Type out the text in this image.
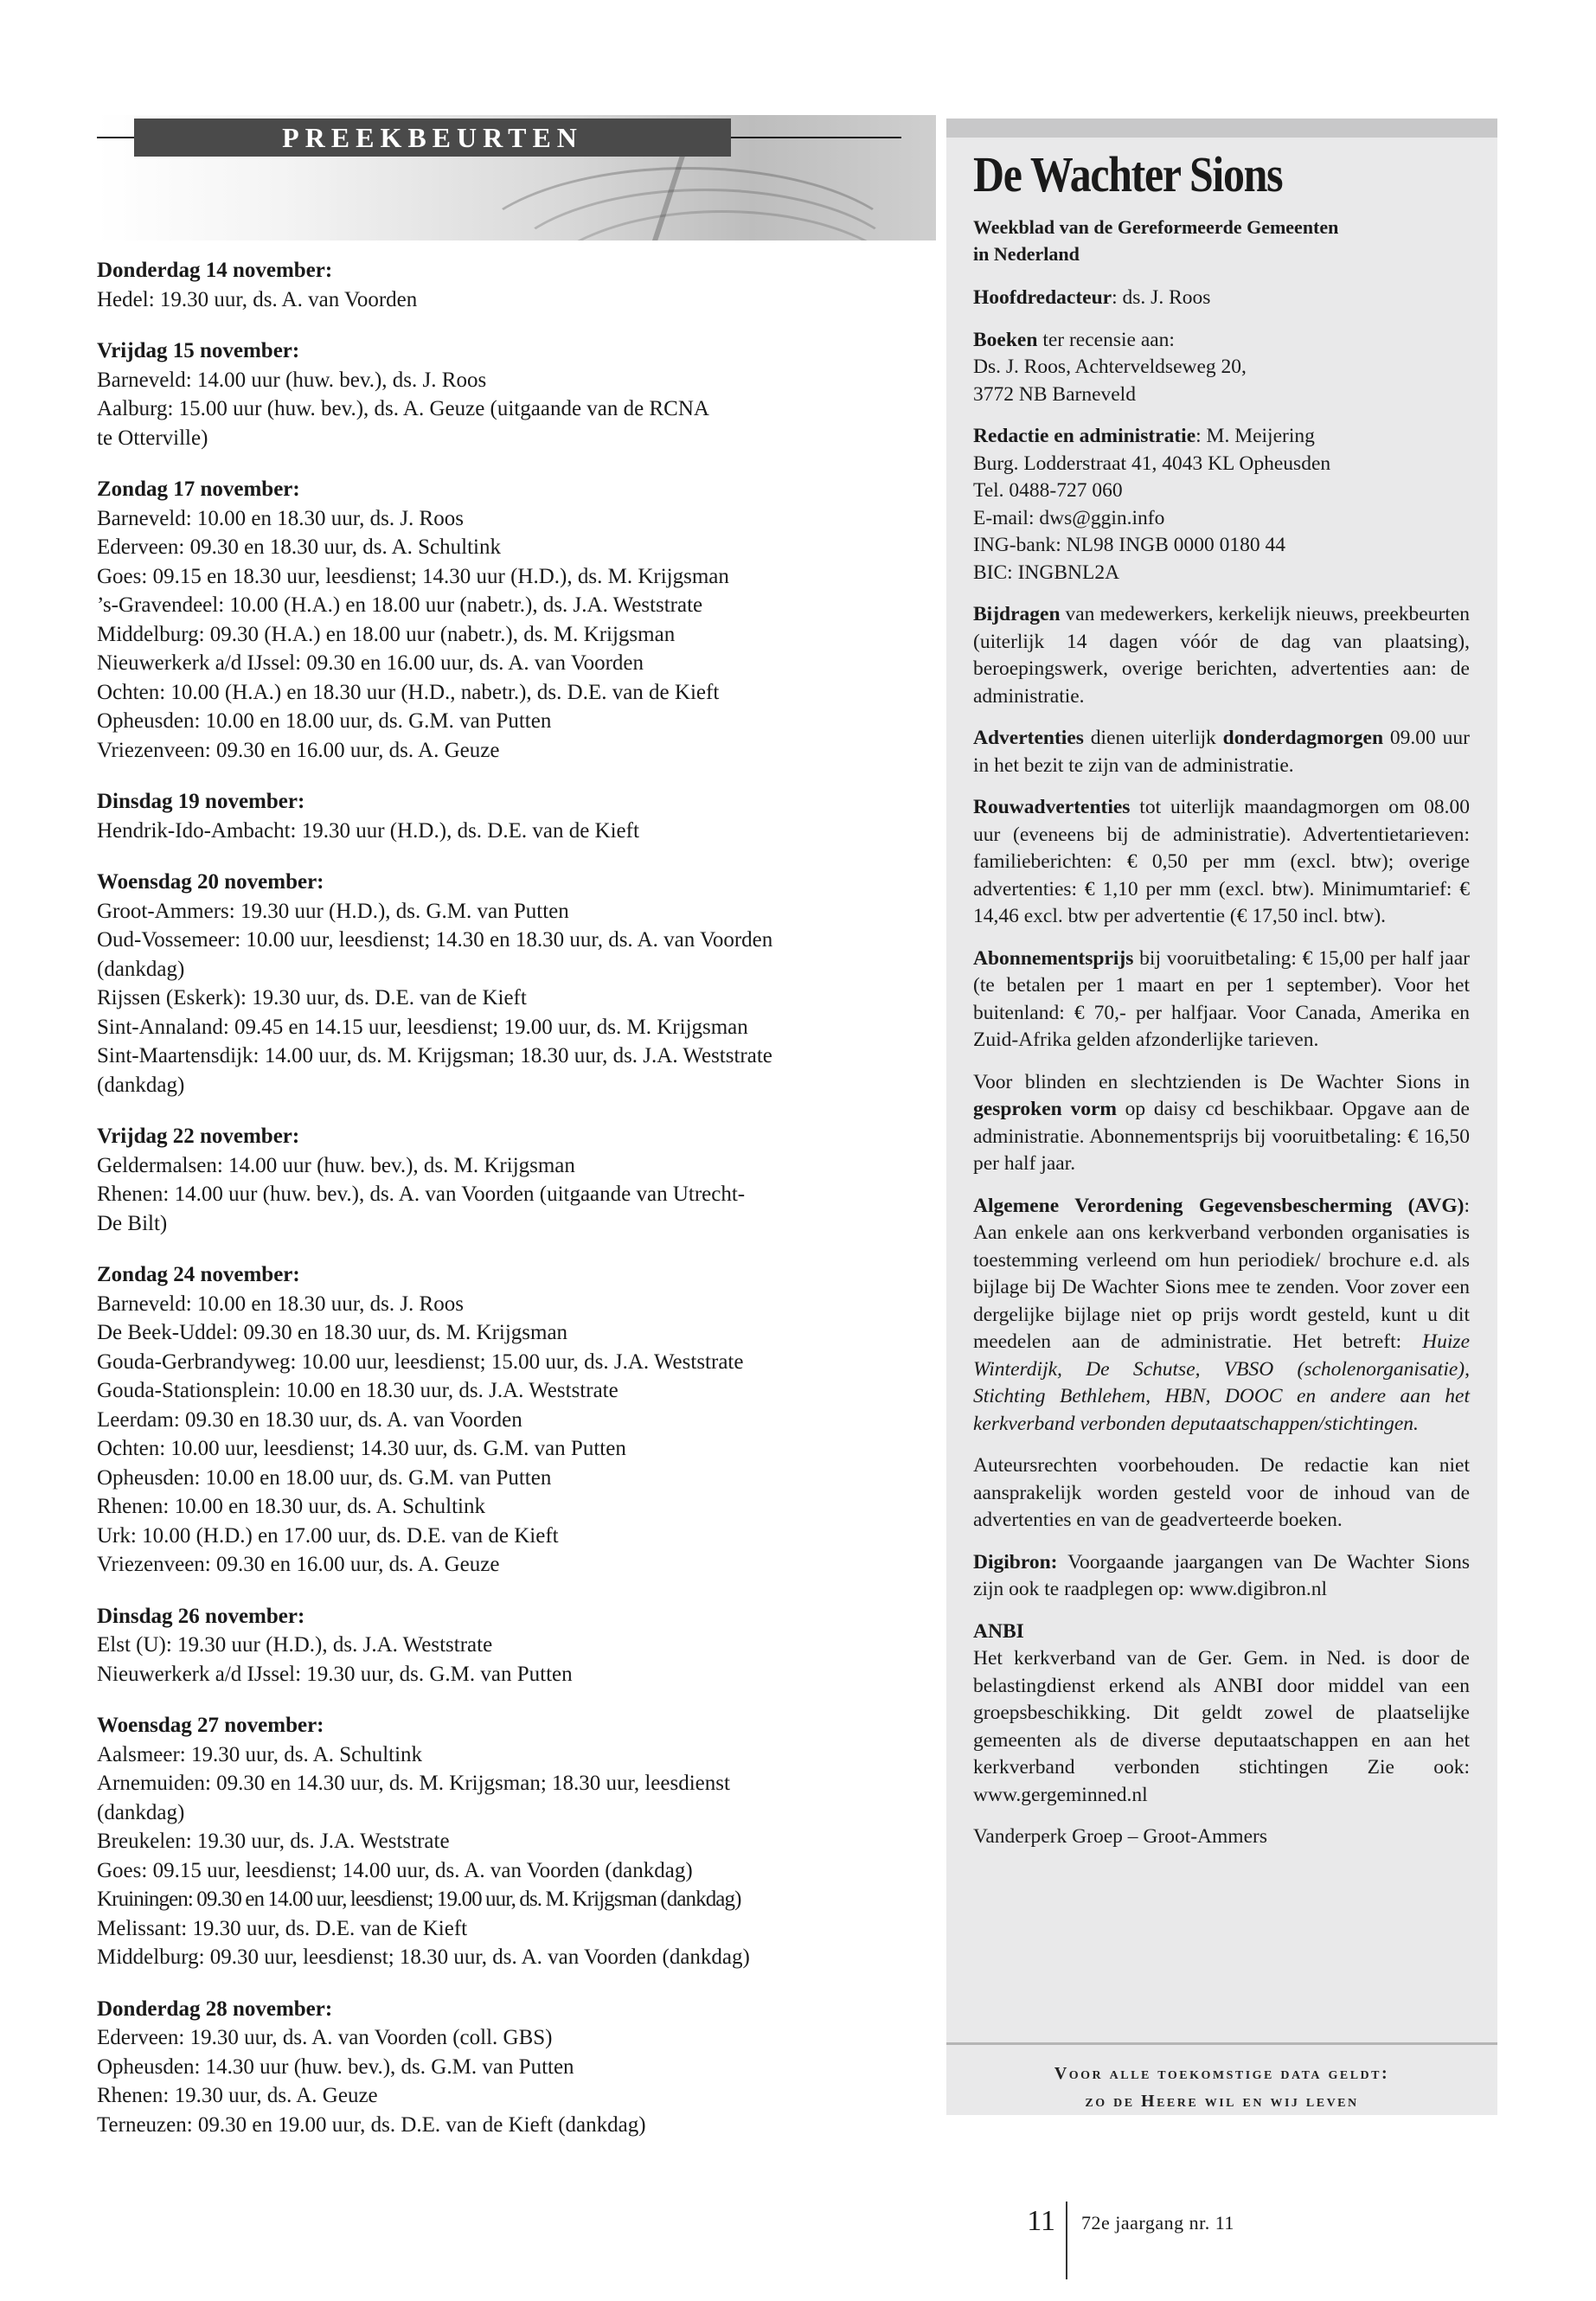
PREEKBEURTEN
Donderdag 14 november:
Hedel: 19.30 uur, ds. A. van Voorden
Vrijdag 15 november:
Barneveld: 14.00 uur (huw. bev.), ds. J. Roos
Aalburg: 15.00 uur (huw. bev.), ds. A. Geuze (uitgaande van de RCNA
te Otterville)
Zondag 17 november:
Barneveld: 10.00 en 18.30 uur, ds. J. Roos
Ederveen: 09.30 en 18.30 uur, ds. A. Schultink
Goes: 09.15 en 18.30 uur, leesdienst; 14.30 uur (H.D.), ds. M. Krijgsman
’s-Gravendeel: 10.00 (H.A.) en 18.00 uur (nabetr.), ds. J.A. Weststrate
Middelburg: 09.30 (H.A.) en 18.00 uur (nabetr.), ds. M. Krijgsman
Nieuwerkerk a/d IJssel: 09.30 en 16.00 uur, ds. A. van Voorden
Ochten: 10.00 (H.A.) en 18.30 uur (H.D., nabetr.), ds. D.E. van de Kieft
Opheusden: 10.00 en 18.00 uur, ds. G.M. van Putten
Vriezenveen: 09.30 en 16.00 uur, ds. A. Geuze
Dinsdag 19 november:
Hendrik-Ido-Ambacht: 19.30 uur (H.D.), ds. D.E. van de Kieft
Woensdag 20 november:
Groot-Ammers: 19.30 uur (H.D.), ds. G.M. van Putten
Oud-Vossemeer: 10.00 uur, leesdienst; 14.30 en 18.30 uur, ds. A. van Voorden
(dankdag)
Rijssen (Eskerk): 19.30 uur, ds. D.E. van de Kieft
Sint-Annaland: 09.45 en 14.15 uur, leesdienst; 19.00 uur, ds. M. Krijgsman
Sint-Maartensdijk: 14.00 uur, ds. M. Krijgsman; 18.30 uur, ds. J.A. Weststrate
(dankdag)
Vrijdag 22 november:
Geldermalsen: 14.00 uur (huw. bev.), ds. M. Krijgsman
Rhenen: 14.00 uur (huw. bev.), ds. A. van Voorden (uitgaande van Utrecht-
De Bilt)
Zondag 24 november:
Barneveld: 10.00 en 18.30 uur, ds. J. Roos
De Beek-Uddel: 09.30 en 18.30 uur, ds. M. Krijgsman
Gouda-Gerbrandyweg: 10.00 uur, leesdienst; 15.00 uur, ds. J.A. Weststrate
Gouda-Stationsplein: 10.00 en 18.30 uur, ds. J.A. Weststrate
Leerdam: 09.30 en 18.30 uur, ds. A. van Voorden
Ochten: 10.00 uur, leesdienst; 14.30 uur, ds. G.M. van Putten
Opheusden: 10.00 en 18.00 uur, ds. G.M. van Putten
Rhenen: 10.00 en 18.30 uur, ds. A. Schultink
Urk: 10.00 (H.D.) en 17.00 uur, ds. D.E. van de Kieft
Vriezenveen: 09.30 en 16.00 uur, ds. A. Geuze
Dinsdag 26 november:
Elst (U): 19.30 uur (H.D.), ds. J.A. Weststrate
Nieuwerkerk a/d IJssel: 19.30 uur, ds. G.M. van Putten
Woensdag 27 november:
Aalsmeer: 19.30 uur, ds. A. Schultink
Arnemuiden: 09.30 en 14.30 uur, ds. M. Krijgsman; 18.30 uur, leesdienst
(dankdag)
Breukelen: 19.30 uur, ds. J.A. Weststrate
Goes: 09.15 uur, leesdienst; 14.00 uur, ds. A. van Voorden (dankdag)
Kruiningen: 09.30 en 14.00 uur, leesdienst; 19.00 uur, ds. M. Krijgsman (dankdag)
Melissant: 19.30 uur, ds. D.E. van de Kieft
Middelburg: 09.30 uur, leesdienst; 18.30 uur, ds. A. van Voorden (dankdag)
Donderdag 28 november:
Ederveen: 19.30 uur, ds. A. van Voorden (coll. GBS)
Opheusden: 14.30 uur (huw. bev.), ds. G.M. van Putten
Rhenen: 19.30 uur, ds. A. Geuze
Terneuzen: 09.30 en 19.00 uur, ds. D.E. van de Kieft (dankdag)
De Wachter Sions
Weekblad van de Gereformeerde Gemeenten
in Nederland

Hoofdredacteur: ds. J. Roos

Boeken ter recensie aan:
Ds. J. Roos, Achterveldseweg 20,
3772 NB Barneveld

Redactie en administratie: M. Meijering
Burg. Lodderstraat 41, 4043 KL Opheusden
Tel. 0488-727 060
E-mail: dws@ggin.info
ING-bank: NL98 INGB 0000 0180 44
BIC: INGBNL2A

Bijdragen van medewerkers, kerkelijk nieuws, preekbeurten (uiterlijk 14 dagen vóór de dag van plaatsing), beroepingswerk, overige berichten, advertenties aan: de administratie.

Advertenties dienen uiterlijk donderdagmorgen 09.00 uur in het bezit te zijn van de administratie.

Rouwadvertenties tot uiterlijk maandagmorgen om 08.00 uur (eveneens bij de administratie). Advertentietarieven: familieberichten: € 0,50 per mm (excl. btw); overige advertenties: € 1,10 per mm (excl. btw). Minimumtarief: € 14,46 excl. btw per advertentie (€ 17,50 incl. btw).

Abonnementsprijs bij vooruitbetaling: € 15,00 per half jaar (te betalen per 1 maart en per 1 september). Voor het buitenland: € 70,- per halfjaar. Voor Canada, Amerika en Zuid-Afrika gelden afzonderlijke tarieven.

Voor blinden en slechtzienden is De Wachter Sions in gesproken vorm op daisy cd beschikbaar. Opgave aan de administratie. Abonnementsprijs bij vooruitbetaling: € 16,50 per half jaar.

Algemene Verordening Gegevensbescherming (AVG): Aan enkele aan ons kerkverband verbonden organisaties is toestemming verleend om hun periodiek/ brochure e.d. als bijlage bij De Wachter Sions mee te zenden. Voor zover een dergelijke bijlage niet op prijs wordt gesteld, kunt u dit meedelen aan de administratie. Het betreft: Huize Winterdijk, De Schutse, VBSO (scholenorganisatie), Stichting Bethlehem, HBN, DOOC en andere aan het kerkverband verbonden deputaatschappen/stichtingen.

Auteursrechten voorbehouden. De redactie kan niet aansprakelijk worden gesteld voor de inhoud van de advertenties en van de geadverteerde boeken.

Digibron: Voorgaande jaargangen van De Wachter Sions zijn ook te raadplegen op: www.digibron.nl

ANBI
Het kerkverband van de Ger. Gem. in Ned. is door de belastingdienst erkend als ANBI door middel van een groepsbeschikking. Dit geldt zowel de plaatselijke gemeenten als de diverse deputaatschappen en aan het kerkverband verbonden stichtingen Zie ook: www.gergeminned.nl

Vanderperk Groep – Groot-Ammers

Voor alle toekomstige data geldt:
zo de Heere wil en wij leven
11 72e jaargang nr. 11
